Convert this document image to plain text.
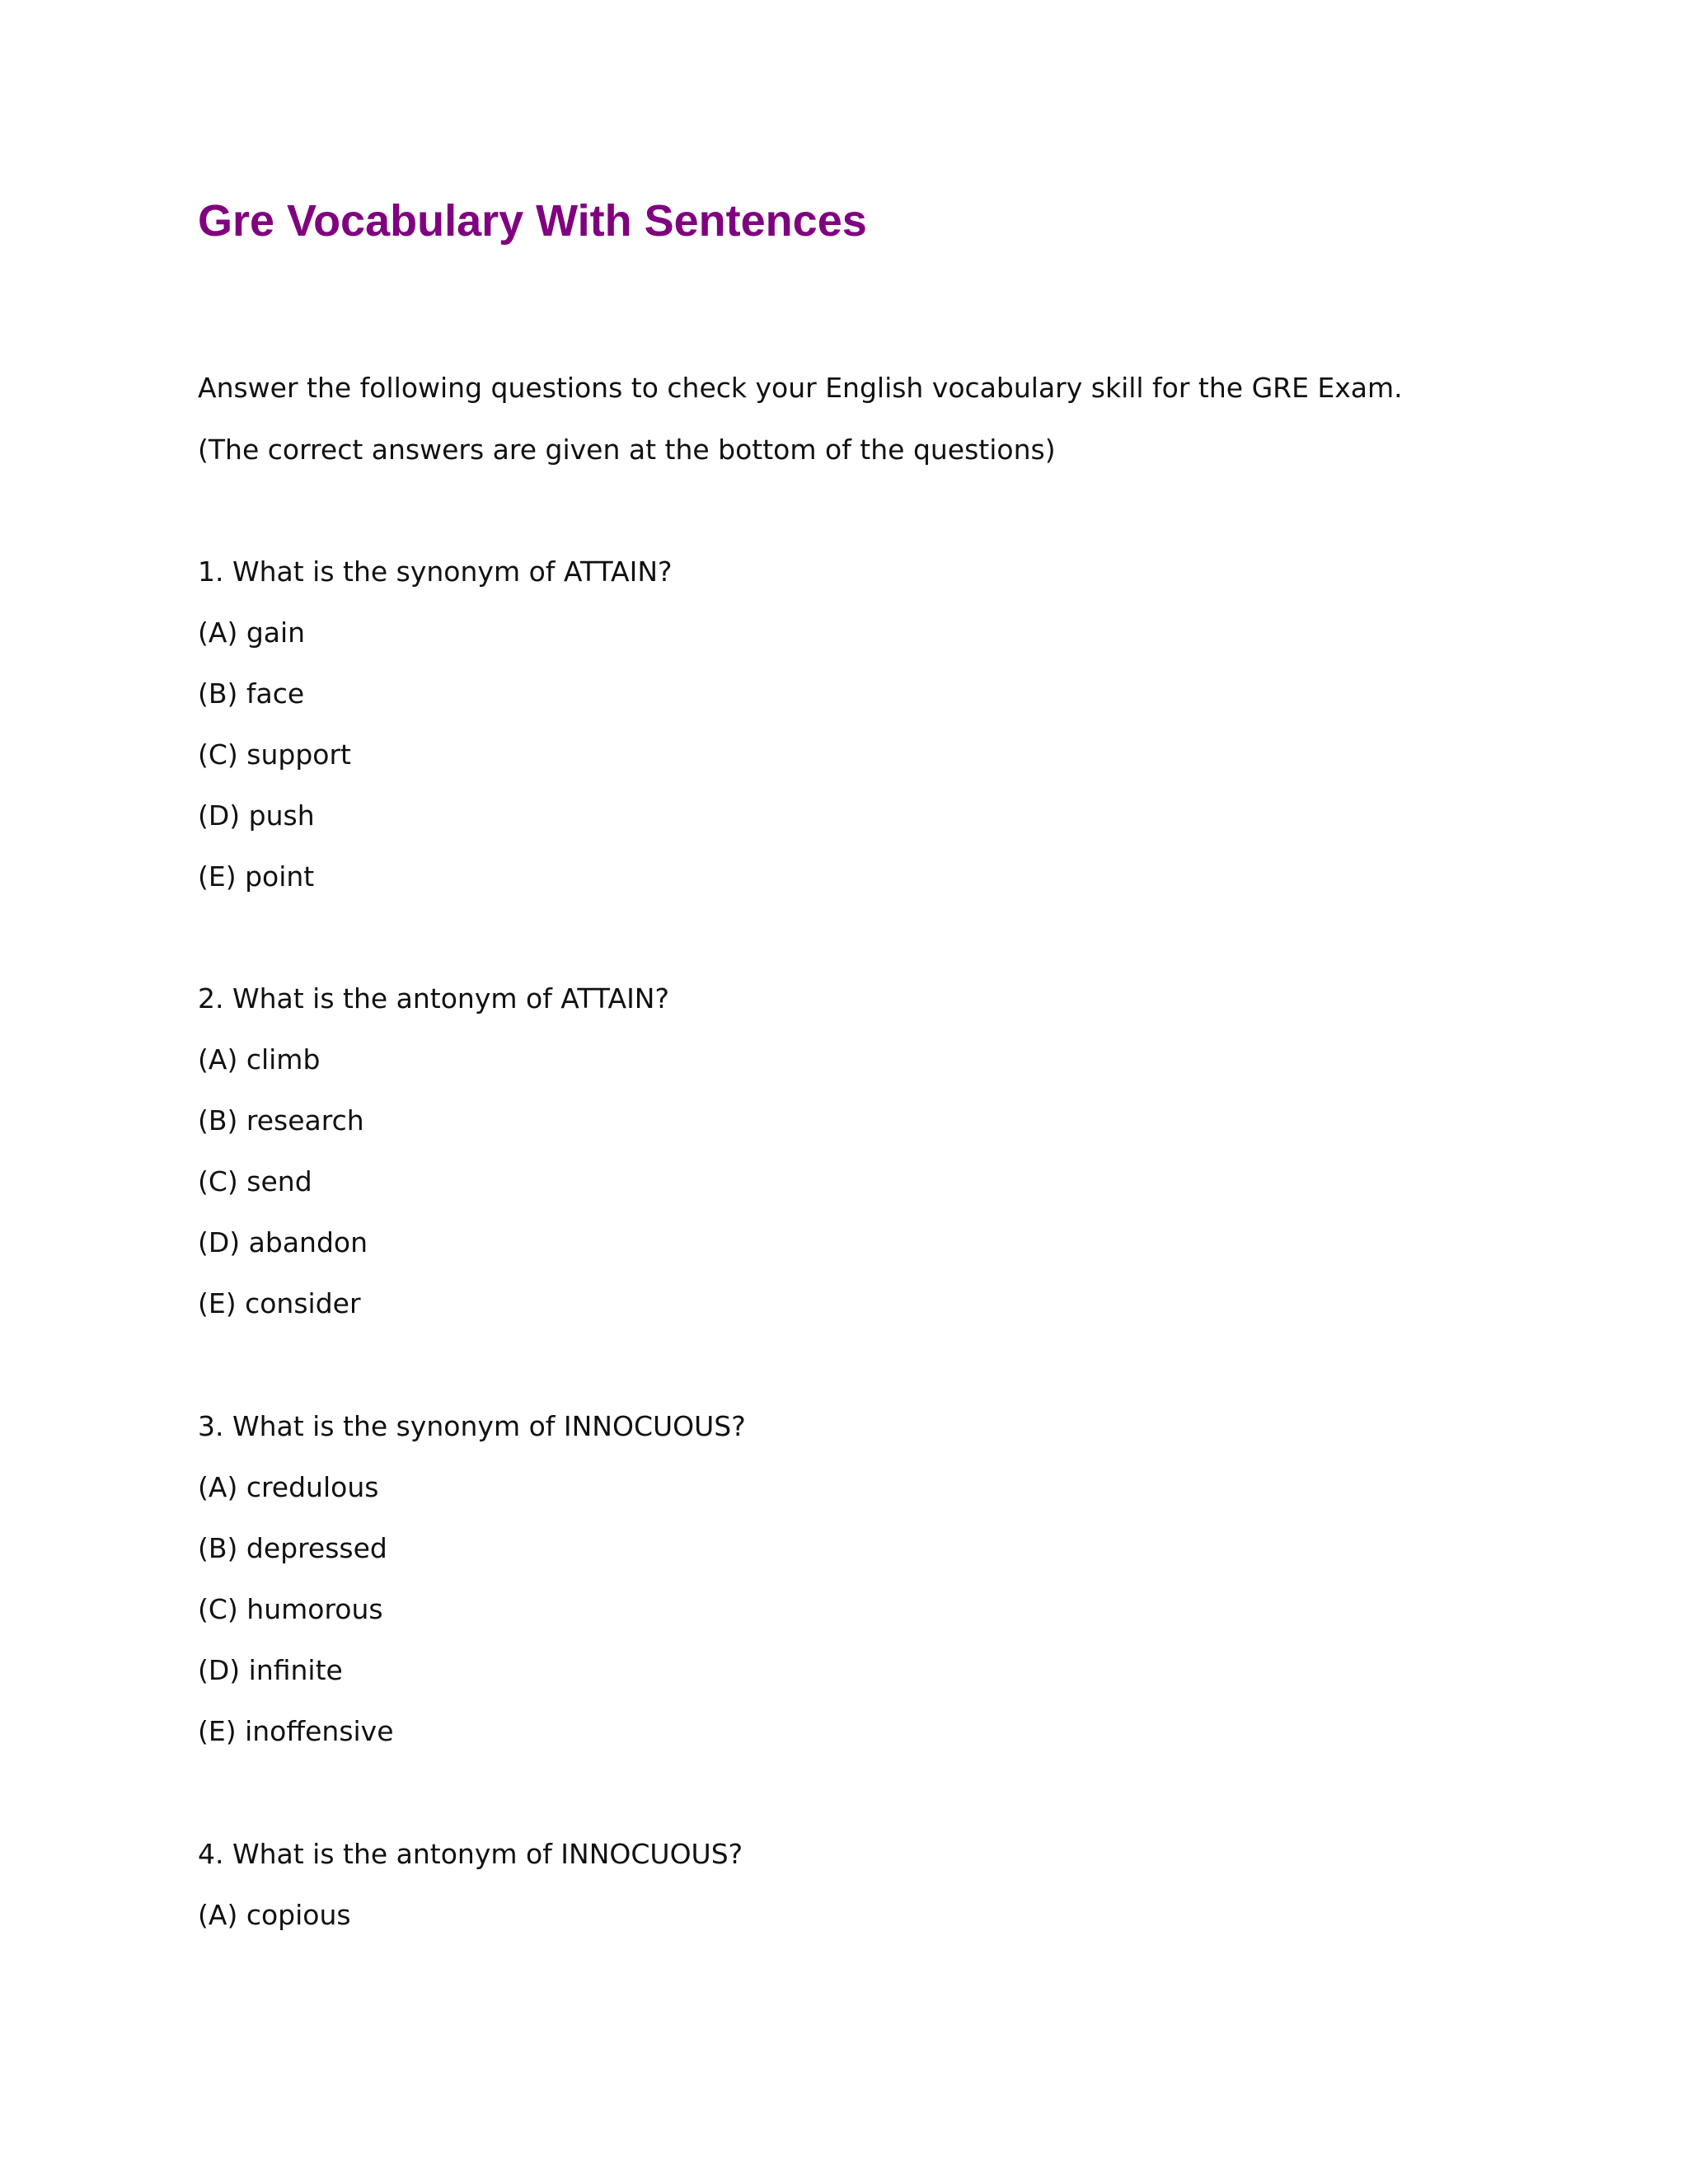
Gre Vocabulary With Sentences

Answer the following questions to check your English vocabulary skill for the GRE Exam.

(The correct answers are given at the bottom of the questions)

1. What is the synonym of ATTAIN?

(A) gain

(B) face

(C) support

(D) push

(E) point

2. What is the antonym of ATTAIN?

(A) climb

(B) research

(C) send

(D) abandon

(E) consider

3. What is the synonym of INNOCUOUS?

(A) credulous

(B) depressed

(C) humorous

(D) infinite

(E) inoffensive

4. What is the antonym of INNOCUOUS?

(A) copious
